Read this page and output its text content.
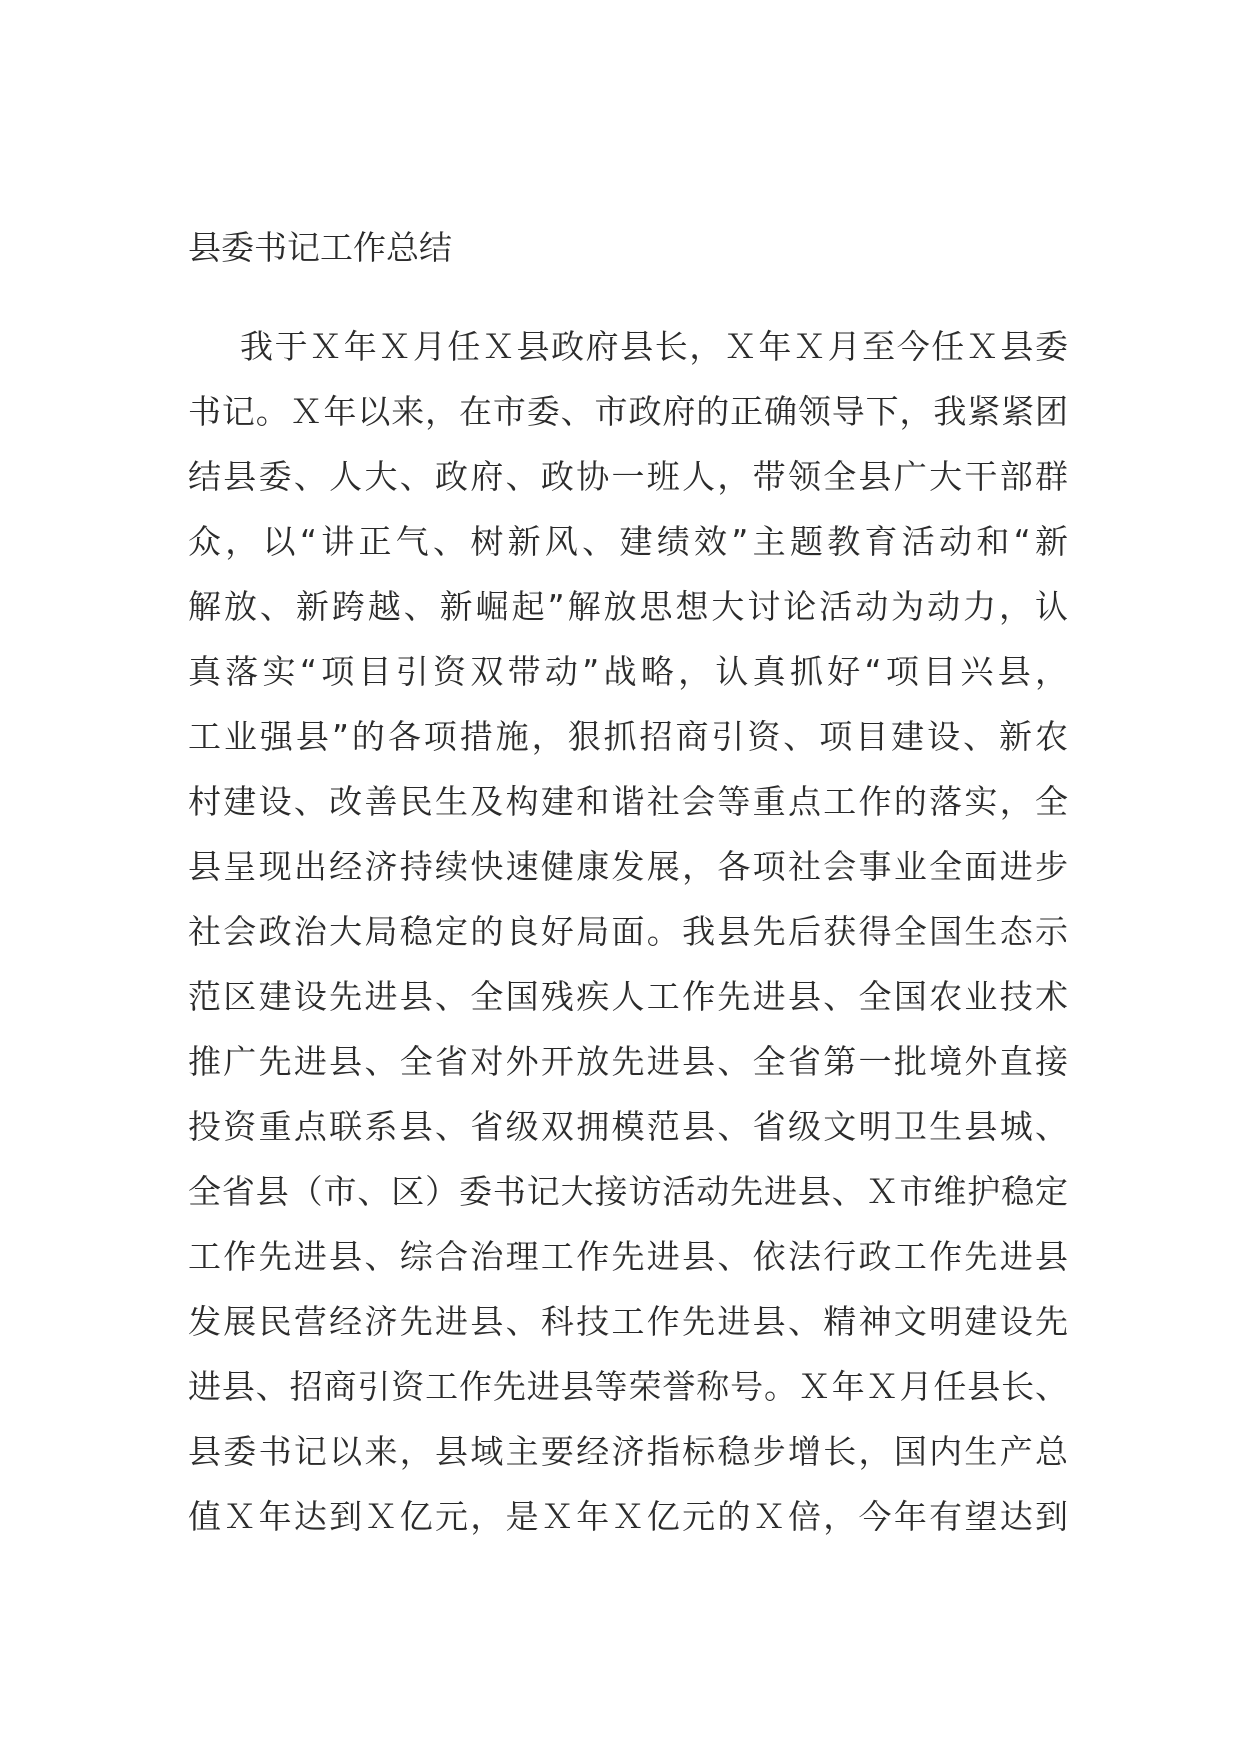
县委书记工作总结
我于Ｘ年Ｘ月任Ｘ县政府县长，Ｘ年Ｘ月至今任Ｘ县委
书记。Ｘ年以来，在市委、市政府的正确领导下，我紧紧团
结县委、人大、政府、政协一班人，带领全县广大干部群
众，以“讲正气、树新风、建绩效”主题教育活动和“新
解放、新跨越、新崛起”解放思想大讨论活动为动力，认
真落实“项目引资双带动”战略，认真抓好“项目兴县，
工业强县”的各项措施，狠抓招商引资、项目建设、新农
村建设、改善民生及构建和谐社会等重点工作的落实，全
县呈现出经济持续快速健康发展，各项社会事业全面进步
社会政治大局稳定的良好局面。我县先后获得全国生态示
范区建设先进县、全国残疾人工作先进县、全国农业技术
推广先进县、全省对外开放先进县、全省第一批境外直接
投资重点联系县、省级双拥模范县、省级文明卫生县城、
全省县（市、区）委书记大接访活动先进县、Ｘ市维护稳定
工作先进县、综合治理工作先进县、依法行政工作先进县
发展民营经济先进县、科技工作先进县、精神文明建设先
进县、招商引资工作先进县等荣誉称号。Ｘ年Ｘ月任县长、
县委书记以来，县域主要经济指标稳步增长，国内生产总
值Ｘ年达到Ｘ亿元，是Ｘ年Ｘ亿元的Ｘ倍，今年有望达到
